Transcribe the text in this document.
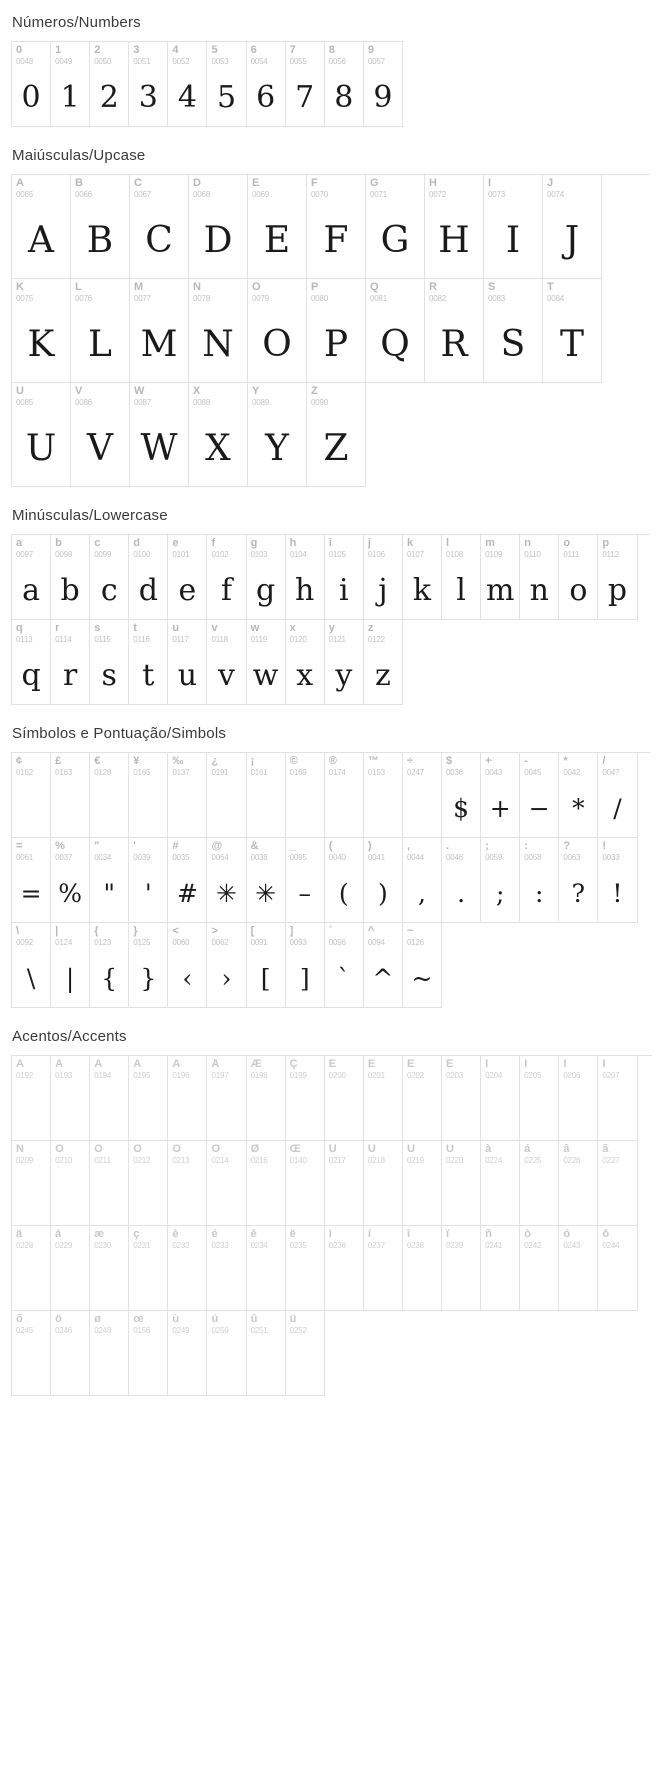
Números/Numbers
0
0048
0
1
0049
1
2
0050
2
3
0051
3
4
0052
4
5
0053
5
6
0054
6
7
0055
7
8
0056
8
9
0057
9
Maiúsculas/Upcase
A
0065
A
B
0066
B
C
0067
C
D
0068
D
E
0069
E
F
0070
F
G
0071
G
H
0072
H
I
0073
I
J
0074
J
K
0075
K
L
0076
L
M
0077
M
N
0078
N
O
0079
O
P
0080
P
Q
0081
Q
R
0082
R
S
0083
S
T
0084
T
U
0085
U
V
0086
V
W
0087
W
X
0088
X
Y
0089
Y
Z
0090
Z
Minúsculas/Lowercase
a
0097
a
b
0098
b
c
0099
c
d
0100
d
e
0101
e
f
0102
f
g
0103
g
h
0104
h
i
0105
i
j
0106
j
k
0107
k
l
0108
l
m
0109
m
n
0110
n
o
0111
o
p
0112
p
q
0113
q
r
0114
r
s
0115
s
t
0116
t
u
0117
u
v
0118
v
w
0119
w
x
0120
x
y
0121
y
z
0122
z
Símbolos e Pontuação/Simbols
¢
0162
£
0163
€
0128
¥
0165
‰
0137
¿
0191
¡
0161
©
0169
®
0174
™
0153
÷
0247
$
0036
$
+
0043
+
-
0045
−
*
0042
*
/
0047
/
=
0061
=
%
0037
%
"
0034
"
'
0039
'
#
0035
#
@
0064
✳
&
0038
✳
_
0095
–
(
0040
(
)
0041
)
,
0044
,
.
0046
.
;
0059
;
:
0058
:
?
0063
?
!
0033
!
\
0092
\
|
0124
|
{
0123
{
}
0125
}
<
0060
‹
>
0062
›
[
0091
[
]
0093
]
`
0096
`
^
0094
^
~
0126
~
Acentos/Accents
À
0192
Á
0193
Â
0194
Ã
0195
Ä
0196
Å
0197
Æ
0198
Ç
0199
È
0200
É
0201
Ê
0202
Ë
0203
Ì
0204
Í
0205
Î
0206
Ï
0207
Ñ
0209
Ò
0210
Ó
0211
Ô
0212
Õ
0213
Ö
0214
Ø
0216
Œ
0140
Ù
0217
Ú
0218
Û
0219
Ü
0220
à
0224
á
0225
â
0226
ã
0227
ä
0228
å
0229
æ
0230
ç
0231
è
0232
é
0233
ê
0234
ë
0235
ì
0236
í
0237
î
0238
ï
0239
ñ
0241
ò
0242
ó
0243
ô
0244
õ
0245
ö
0246
ø
0248
œ
0156
ù
0249
ú
0250
û
0251
ü
0252
